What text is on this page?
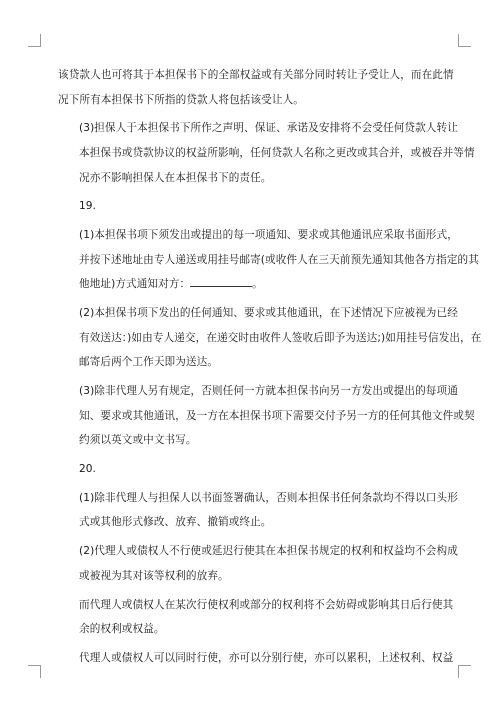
该贷款人也可将其于本担保书下的全部权益或有关部分同时转让予受让人，而在此情
况下所有本担保书下所指的贷款人将包括该受让人。
(3)担保人于本担保书下所作之声明、保证、承诺及安排将不会受任何贷款人转让
本担保书或贷款协议的权益所影响，任何贷款人名称之更改或其合并，或被吞并等情
况亦不影响担保人在本担保书下的责任。
19.
(1)本担保书项下须发出或提出的每一项通知、要求或其他通讯应采取书面形式，
并按下述地址由专人递送或用挂号邮寄(或收件人在三天前预先通知其他各方指定的其
他地址)方式通知对方：	。
(2)本担保书项下发出的任何通知、要求或其他通讯，在下述情况下应被视为已经
有效送达：)如由专人递交，在递交时由收件人签收后即予为送达;)如用挂号信发出，在
邮寄后两个工作天即为送达。
(3)除非代理人另有规定，否则任何一方就本担保书向另一方发出或提出的每项通
知、要求或其他通讯，及一方在本担保书项下需要交付予另一方的任何其他文件或契
约须以英文或中文书写。
20.
(1)除非代理人与担保人以书面签署确认，否则本担保书任何条款均不得以口头形
式或其他形式修改、放弃、撤销或终止。
(2)代理人或债权人不行使或延迟行使其在本担保书规定的权利和权益均不会构成
或被视为其对该等权利的放弃。
而代理人或债权人在某次行使权利或部分的权利将不会妨碍或影响其日后行使其
余的权利或权益。
代理人或债权人可以同时行使，亦可以分别行使，亦可以累积，上述权利、权益
